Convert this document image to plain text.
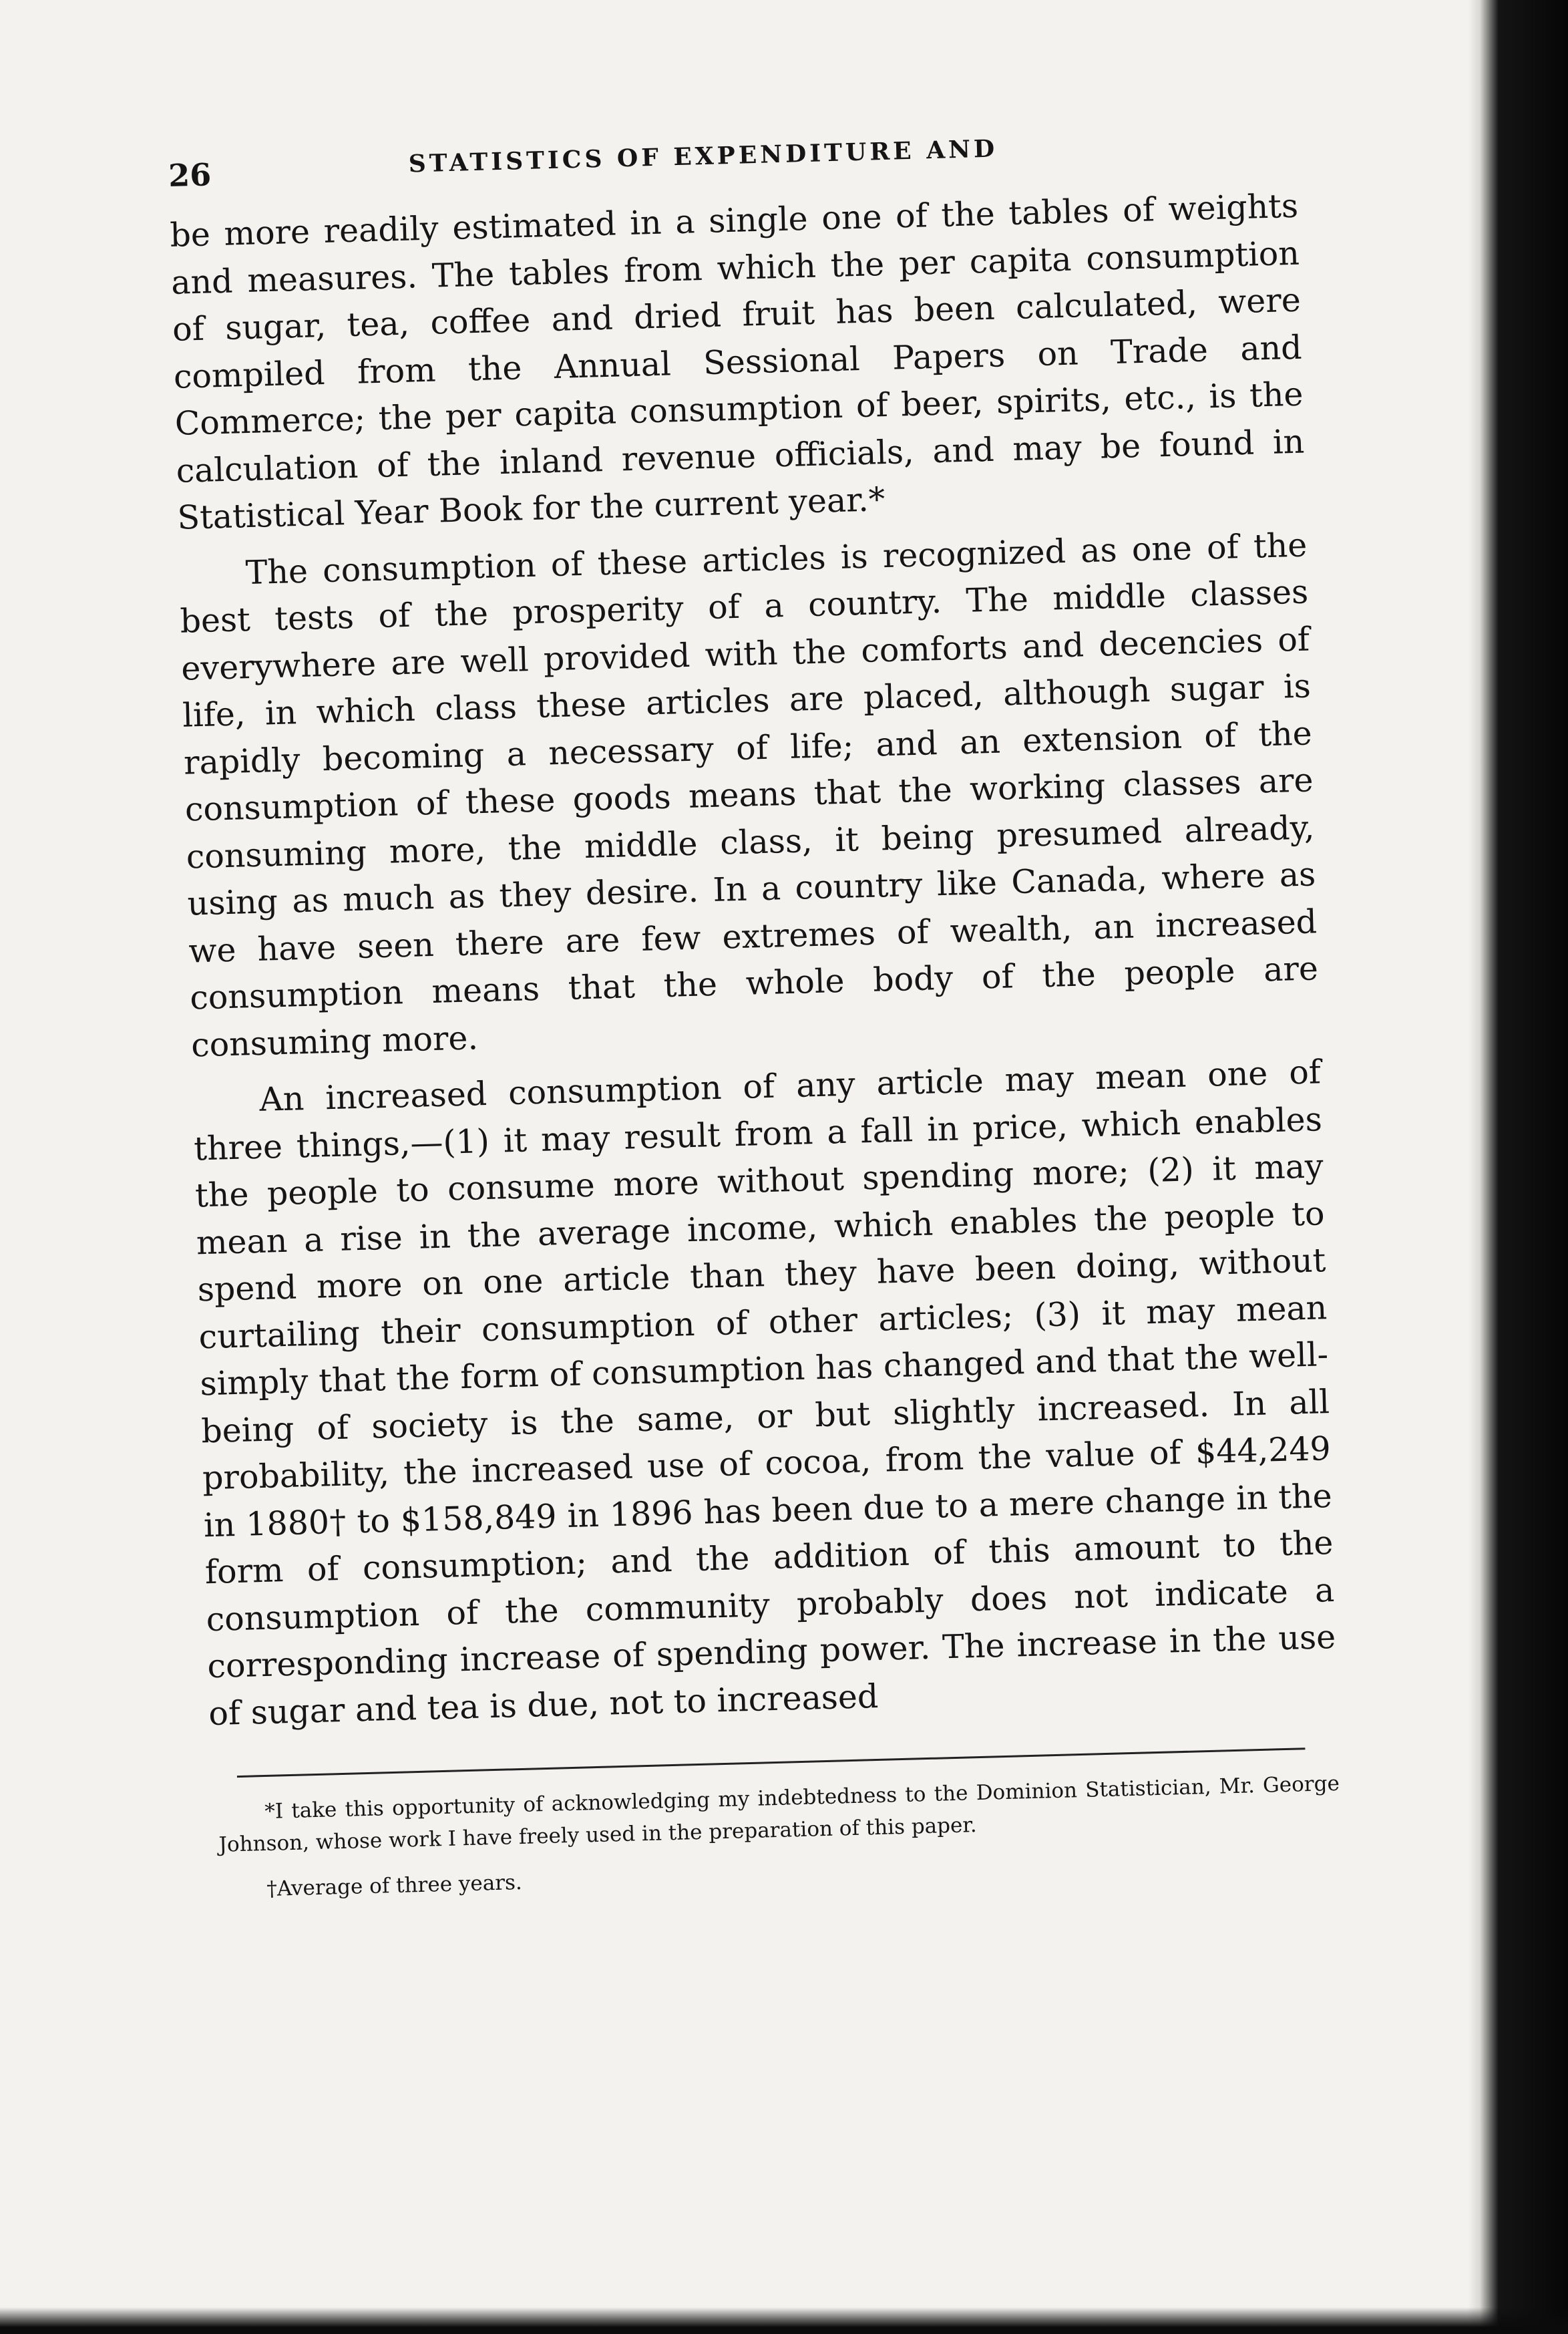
26	STATISTICS OF EXPENDITURE AND

be more readily estimated in a single one of the tables of weights and measures. The tables from which the per capita consumption of sugar, tea, coffee and dried fruit has been calculated, were compiled from the Annual Sessional Papers on Trade and Commerce; the per capita consumption of beer, spirits, etc., is the calculation of the inland revenue officials, and may be found in Statistical Year Book for the current year.*

The consumption of these articles is recognized as one of the best tests of the prosperity of a country. The middle classes everywhere are well provided with the comforts and decencies of life, in which class these articles are placed, although sugar is rapidly becoming a necessary of life; and an extension of the consumption of these goods means that the working classes are consuming more, the middle class, it being presumed already, using as much as they desire. In a country like Canada, where as we have seen there are few extremes of wealth, an increased consumption means that the whole body of the people are consuming more.

An increased consumption of any article may mean one of three things,—(1) it may result from a fall in price, which enables the people to consume more without spending more; (2) it may mean a rise in the average income, which enables the people to spend more on one article than they have been doing, without curtailing their consumption of other articles; (3) it may mean simply that the form of consumption has changed and that the well-being of society is the same, or but slightly increased. In all probability, the increased use of cocoa, from the value of $44,249 in 1880† to $158,849 in 1896 has been due to a mere change in the form of consumption; and the addition of this amount to the consumption of the community probably does not indicate a corresponding increase of spending power. The increase in the use of sugar and tea is due, not to increased

*I take this opportunity of acknowledging my indebtedness to the Dominion Statistician, Mr. George Johnson, whose work I have freely used in the preparation of this paper.

†Average of three years.
